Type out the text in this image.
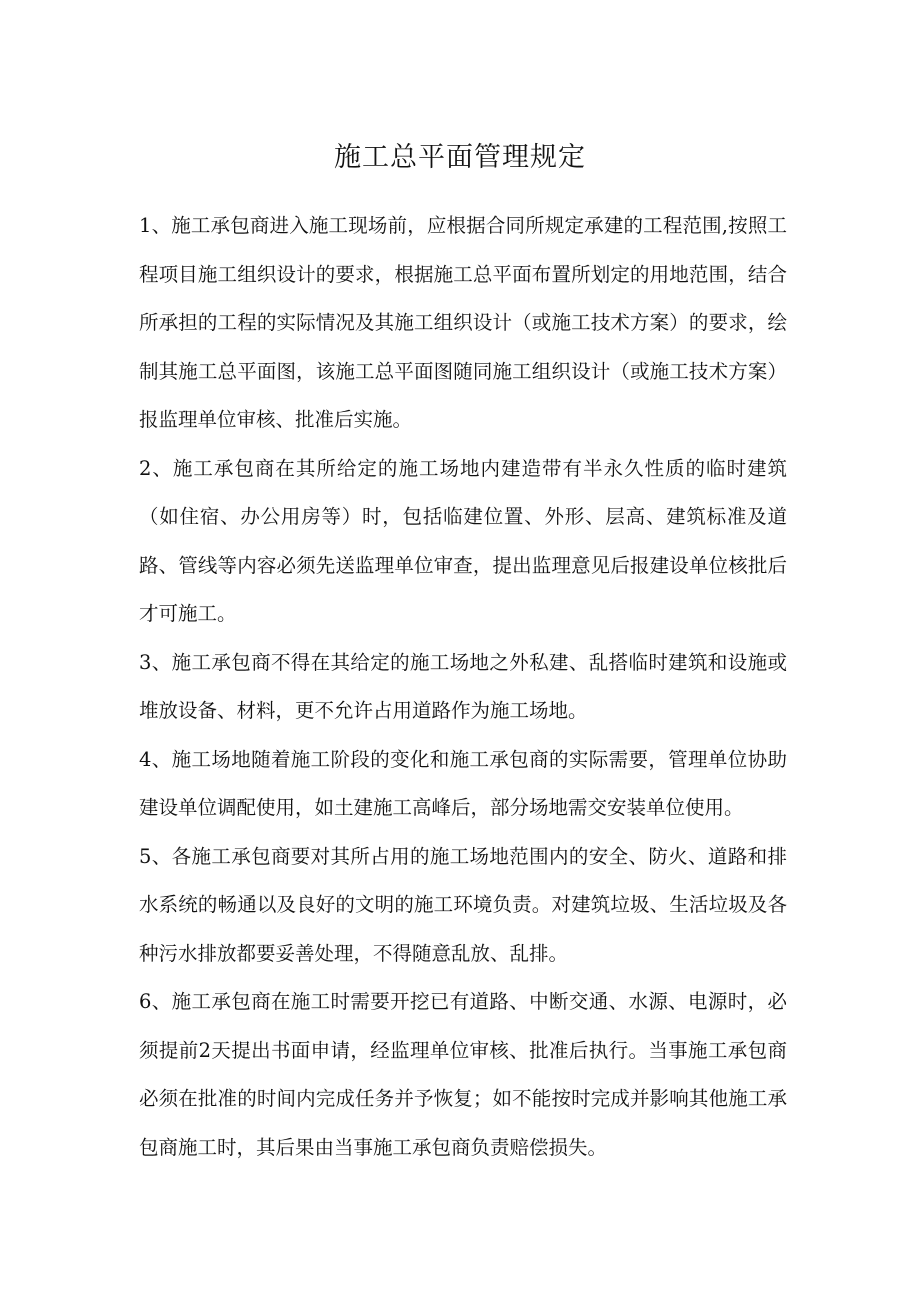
施工总平面管理规定

1、施工承包商进入施工现场前，应根据合同所规定承建的工程范围,按照工程项目施工组织设计的要求，根据施工总平面布置所划定的用地范围，结合所承担的工程的实际情况及其施工组织设计（或施工技术方案）的要求，绘制其施工总平面图，该施工总平面图随同施工组织设计（或施工技术方案）报监理单位审核、批准后实施。

2、施工承包商在其所给定的施工场地内建造带有半永久性质的临时建筑（如住宿、办公用房等）时，包括临建位置、外形、层高、建筑标准及道路、管线等内容必须先送监理单位审查，提出监理意见后报建设单位核批后才可施工。

3、施工承包商不得在其给定的施工场地之外私建、乱搭临时建筑和设施或堆放设备、材料，更不允许占用道路作为施工场地。

4、施工场地随着施工阶段的变化和施工承包商的实际需要，管理单位协助建设单位调配使用，如土建施工高峰后，部分场地需交安装单位使用。

5、各施工承包商要对其所占用的施工场地范围内的安全、防火、道路和排水系统的畅通以及良好的文明的施工环境负责。对建筑垃圾、生活垃圾及各种污水排放都要妥善处理，不得随意乱放、乱排。

6、施工承包商在施工时需要开挖已有道路、中断交通、水源、电源时，必须提前2天提出书面申请，经监理单位审核、批准后执行。当事施工承包商必须在批准的时间内完成任务并予恢复；如不能按时完成并影响其他施工承包商施工时，其后果由当事施工承包商负责赔偿损失。
